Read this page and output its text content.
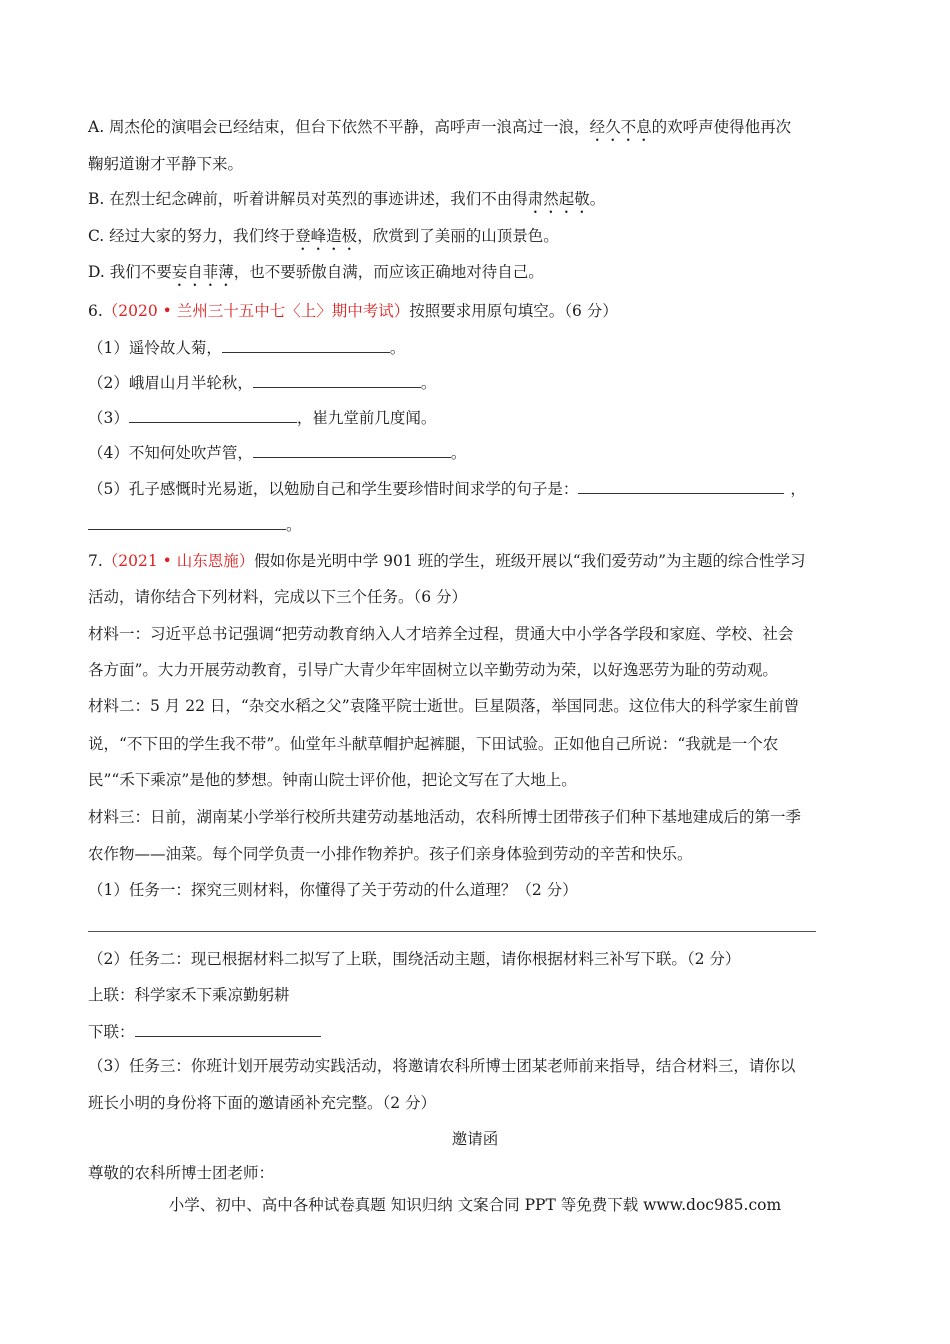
A. 周杰伦的演唱会已经结束，但台下依然不平静，高呼声一浪高过一浪，经久不息的欢呼声使得他再次
鞠躬道谢才平静下来。
B. 在烈士纪念碑前，听着讲解员对英烈的事迹讲述，我们不由得肃然起敬。
C. 经过大家的努力，我们终于登峰造极，欣赏到了美丽的山顶景色。
D. 我们不要妄自菲薄，也不要骄傲自满，而应该正确地对待自己。
6.（2020 • 兰州三十五中七〈上〉期中考试）按照要求用原句填空。（6 分）
（1）遥怜故人菊，	。
（2）峨眉山月半轮秋，	。
（3）	，崔九堂前几度闻。
（4）不知何处吹芦管，	。
（5）孔子感慨时光易逝，以勉励自己和学生要珍惜时间求学的句子是：	，
。
7.（2021 • 山东恩施）假如你是光明中学 901 班的学生，班级开展以“我们爱劳动”为主题的综合性学习
活动，请你结合下列材料，完成以下三个任务。（6 分）
材料一：习近平总书记强调“把劳动教育纳入人才培养全过程，贯通大中小学各学段和家庭、学校、社会
各方面”。大力开展劳动教育，引导广大青少年牢固树立以辛勤劳动为荣，以好逸恶劳为耻的劳动观。
材料二：5 月 22 日，“杂交水稻之父”袁隆平院士逝世。巨星陨落，举国同悲。这位伟大的科学家生前曾
说，“不下田的学生我不带”。仙堂年斗献草帽护起裤腿，下田试验。正如他自己所说：“我就是一个农
民”“禾下乘凉”是他的梦想。钟南山院士评价他，把论文写在了大地上。
材料三：日前，湖南某小学举行校所共建劳动基地活动，农科所博士团带孩子们种下基地建成后的第一季
农作物——油菜。每个同学负责一小排作物养护。孩子们亲身体验到劳动的辛苦和快乐。
（1）任务一：探究三则材料，你懂得了关于劳动的什么道理？（2 分）
（2）任务二：现已根据材料二拟写了上联，围绕活动主题，请你根据材料三补写下联。（2 分）
上联：科学家禾下乘凉勤躬耕
下联：
（3）任务三：你班计划开展劳动实践活动，将邀请农科所博士团某老师前来指导，结合材料三，请你以
班长小明的身份将下面的邀请函补充完整。（2 分）
邀请函
尊敬的农科所博士团老师：
小学、初中、高中各种试卷真题 知识归纳 文案合同 PPT 等免费下载 www.doc985.com
